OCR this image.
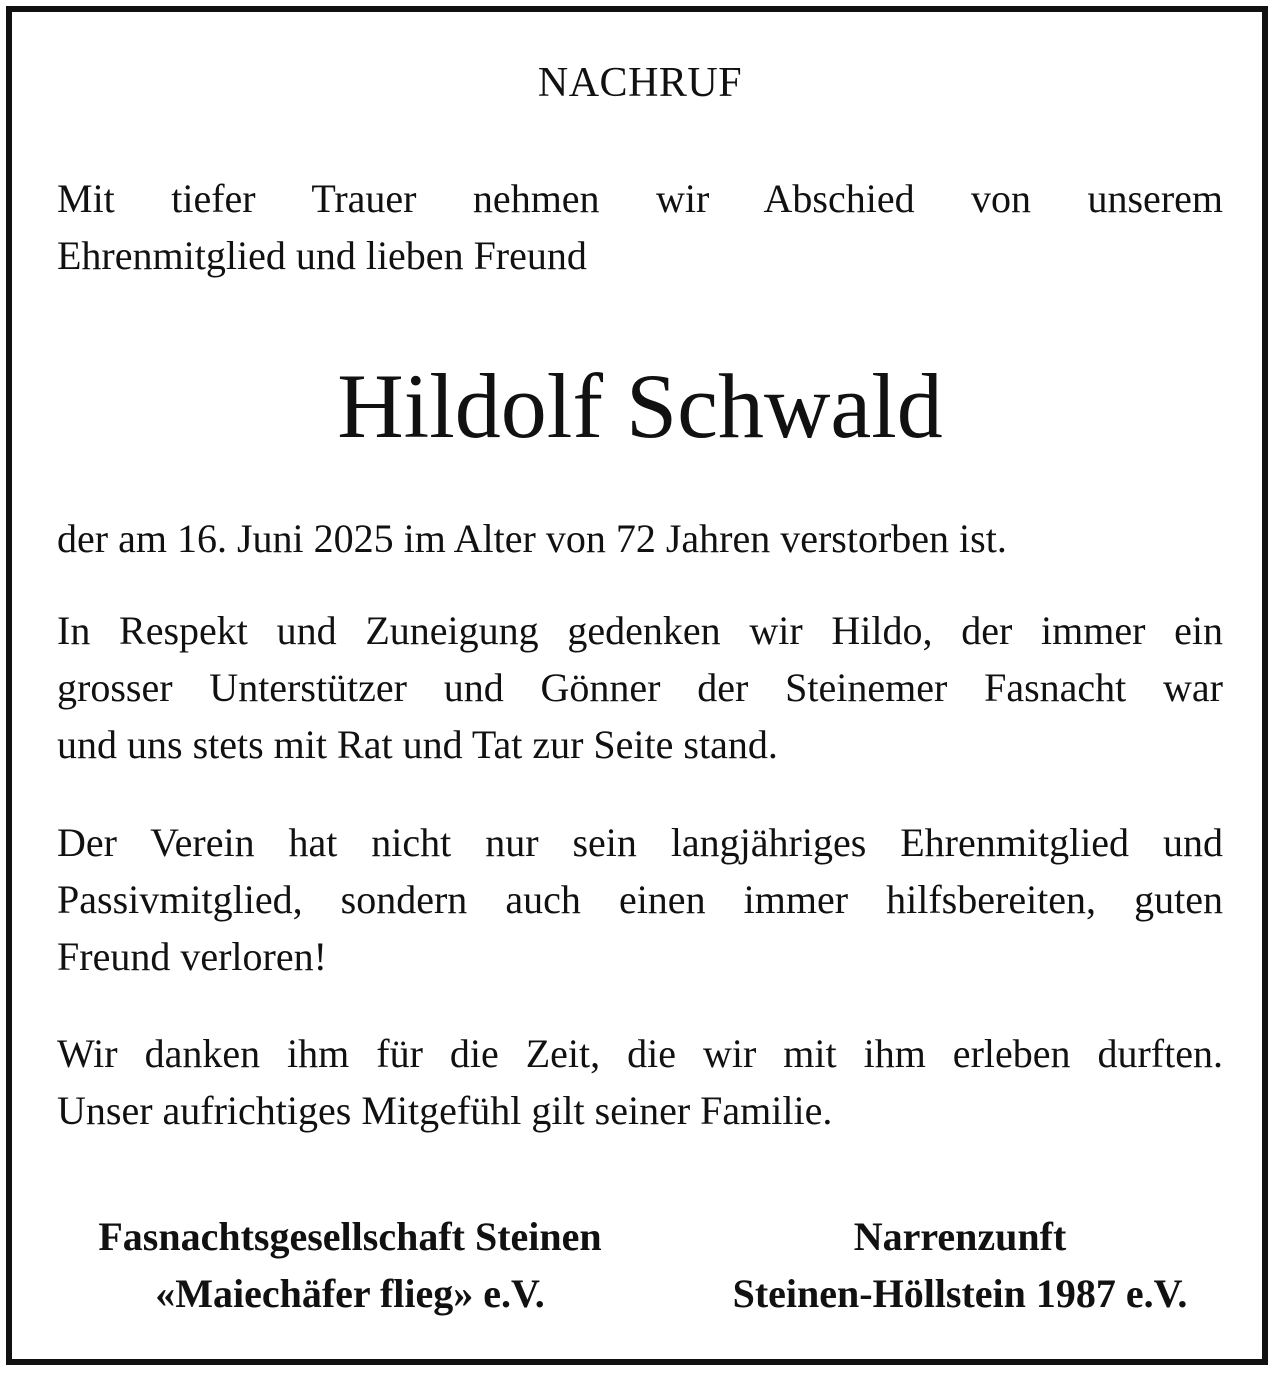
NACHRUF

Mit tiefer Trauer nehmen wir Abschied von unserem
Ehrenmitglied und lieben Freund

Hildolf Schwald

der am 16. Juni 2025 im Alter von 72 Jahren verstorben ist.

In Respekt und Zuneigung gedenken wir Hildo, der immer ein
grosser Unterstützer und Gönner der Steinemer Fasnacht war
und uns stets mit Rat und Tat zur Seite stand.

Der Verein hat nicht nur sein langjähriges Ehrenmitglied und
Passivmitglied, sondern auch einen immer hilfsbereiten, guten
Freund verloren!

Wir danken ihm für die Zeit, die wir mit ihm erleben durften.
Unser aufrichtiges Mitgefühl gilt seiner Familie.

Fasnachtsgesellschaft Steinen
«Maiechäfer flieg» e.V.
Narrenzunft
Steinen-Höllstein 1987 e.V.
